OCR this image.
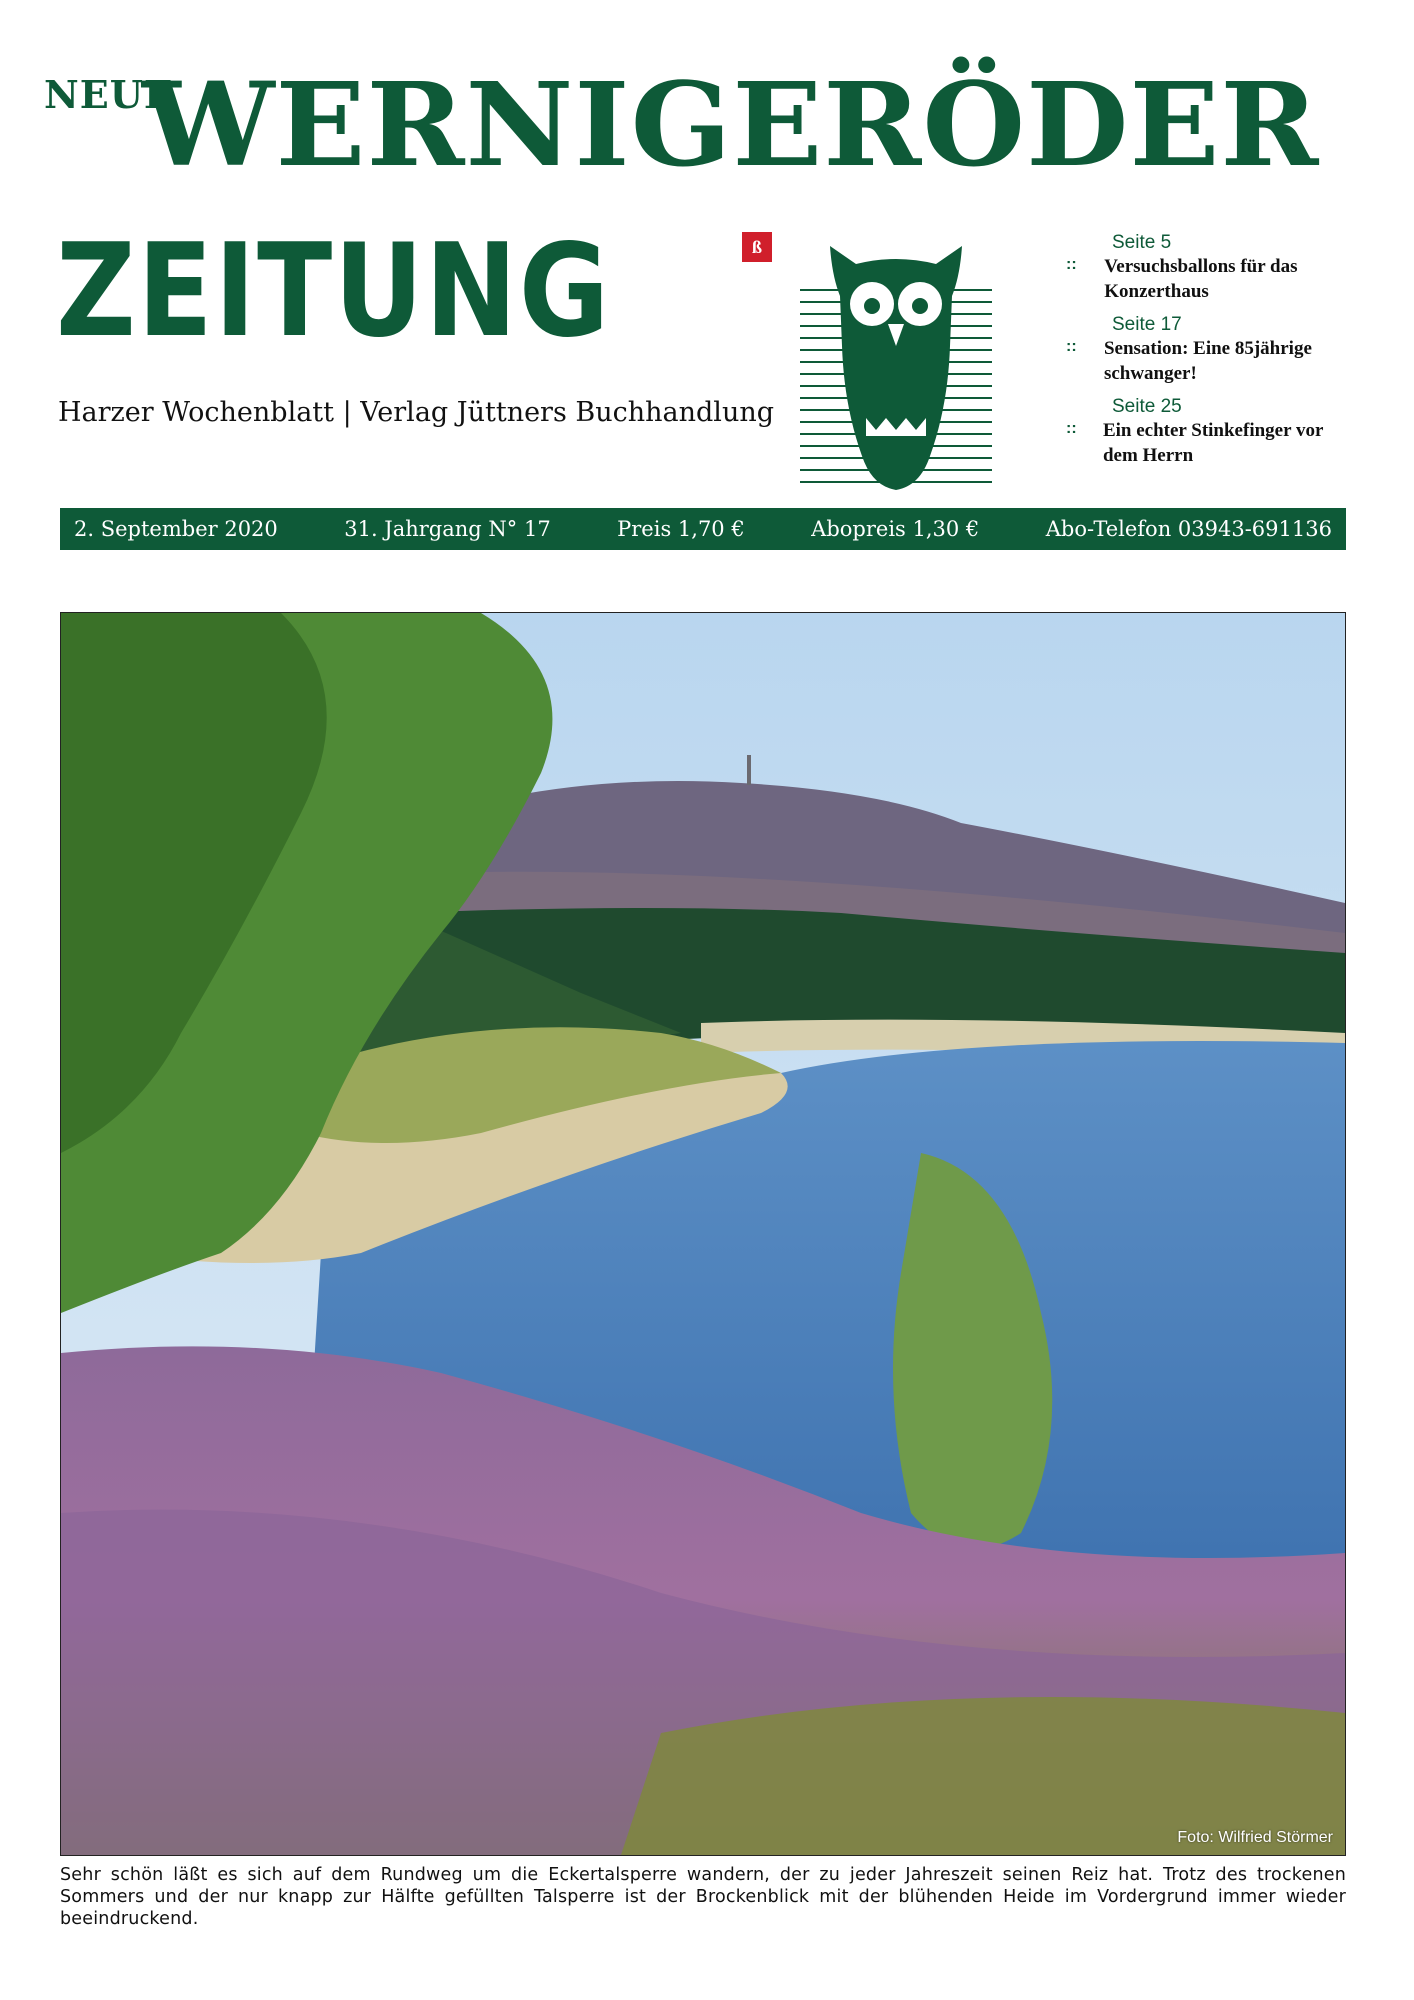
NEUE
WERNIGERÖDER
ZEITUNG	ß
Harzer Wochenblatt | Verlag Jüttners Buchhandlung
Seite 5
::	Versuchsballons für das Konzerthaus
Seite 17
::	Sensation: Eine 85jährige schwanger!
Seite 25
::	Ein echter Stinkefinger vor dem Herrn
2. September 2020	31. Jahrgang N° 17	Preis 1,70 €	Abopreis 1,30 €	Abo-Telefon 03943-691136
Foto: Wilfried Störmer
Sehr schön läßt es sich auf dem Rundweg um die Eckertalsperre wandern, der zu jeder Jahreszeit seinen Reiz hat. Trotz des trockenen Sommers und der nur knapp zur Hälfte gefüllten Talsperre ist der Brockenblick mit der blühenden Heide im Vordergrund immer wieder beeindruckend.
